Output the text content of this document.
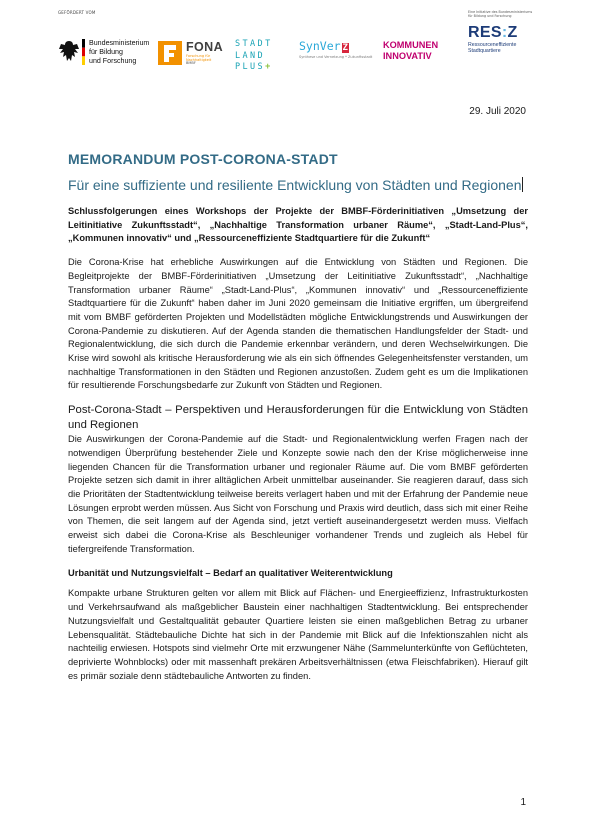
GEFÖRDERT VOM
Bundesministerium
für Bildung
und Forschung
FONA
Forschung für Nachhaltigkeit
BMBF
STADT
LAND
PLUS+
SynVer Z
Synthese und Vernetzung * Zukunftsstadt
KOMMUNEN
INNOVATIV
Eine Initiative des Bundesministeriums
für Bildung und Forschung
RES:Z
Ressourceneffiziente
Stadtquartiere
29. Juli 2020
MEMORANDUM POST-CORONA-STADT
Für eine suffiziente und resiliente Entwicklung von Städten und Regionen

Schlussfolgerungen eines Workshops der Projekte der BMBF-Förderinitiativen „Umsetzung der Leitinitiative Zukunftsstadt“, „Nachhaltige Transformation urbaner Räume“, „Stadt-Land-Plus“, „Kommunen innovativ“ und „Ressourceneffiziente Stadtquartiere für die Zukunft“

Die Corona-Krise hat erhebliche Auswirkungen auf die Entwicklung von Städten und Regionen. Die Begleitprojekte der BMBF-Förderinitiativen „Umsetzung der Leitinitiative Zukunftsstadt“, „Nachhaltige Transformation urbaner Räume“ „Stadt-Land-Plus“, „Kommunen innovativ“ und „Ressourceneffiziente Stadtquartiere für die Zukunft“ haben daher im Juni 2020 gemeinsam die Initiative ergriffen, um übergreifend mit vom BMBF geförderten Projekten und Modellstädten mögliche Entwicklungstrends und Auswirkungen der Corona-Pandemie zu diskutieren. Auf der Agenda standen die thematischen Handlungsfelder der Stadt- und Regionalentwicklung, die sich durch die Pandemie erkennbar verändern, und deren Wechselwirkungen. Die Krise wird sowohl als kritische Herausforderung wie als ein sich öffnendes Gelegenheitsfenster verstanden, um nachhaltige Transformationen in den Städten und Regionen anzustoßen. Zudem geht es um die Implikationen für resultierende Forschungsbedarfe zur Zukunft von Städten und Regionen.

Post-Corona-Stadt – Perspektiven und Herausforderungen für die Entwicklung von Städten und Regionen

Die Auswirkungen der Corona-Pandemie auf die Stadt- und Regionalentwicklung werfen Fragen nach der notwendigen Überprüfung bestehender Ziele und Konzepte sowie nach den der Krise möglicherweise inne liegenden Chancen für die Transformation urbaner und regionaler Räume auf. Die vom BMBF geförderten Projekte setzen sich damit in ihrer alltäglichen Arbeit unmittelbar auseinander. Sie reagieren darauf, dass sich die Prioritäten der Stadtentwicklung teilweise bereits verlagert haben und mit der Erfahrung der Pandemie neue Lösungen erprobt werden müssen. Aus Sicht von Forschung und Praxis wird deutlich, dass sich mit einer Reihe von Themen, die seit langem auf der Agenda sind, jetzt vertieft auseinandergesetzt werden muss. Vielfach erweist sich dabei die Corona-Krise als Beschleuniger vorhandener Trends und zugleich als Hebel für tiefergreifende Transformation.

Urbanität und Nutzungsvielfalt – Bedarf an qualitativer Weiterentwicklung

Kompakte urbane Strukturen gelten vor allem mit Blick auf Flächen- und Energieeffizienz, Infrastrukturkosten und Verkehrsaufwand als maßgeblicher Baustein einer nachhaltigen Stadtentwicklung. Bei entsprechender Nutzungsvielfalt und Gestaltqualität gebauter Quartiere leisten sie einen maßgeblichen Betrag zu urbaner Lebensqualität. Städtebauliche Dichte hat sich in der Pandemie mit Blick auf die Infektionszahlen nicht als nachteilig erwiesen. Hotspots sind vielmehr Orte mit erzwungener Nähe (Sammelunterkünfte von Geflüchteten, deprivierte Wohnblocks) oder mit massenhaft prekären Arbeitsverhältnissen (etwa Fleischfabriken). Hierauf gilt es primär soziale denn städtebauliche Antworten zu finden.

1
